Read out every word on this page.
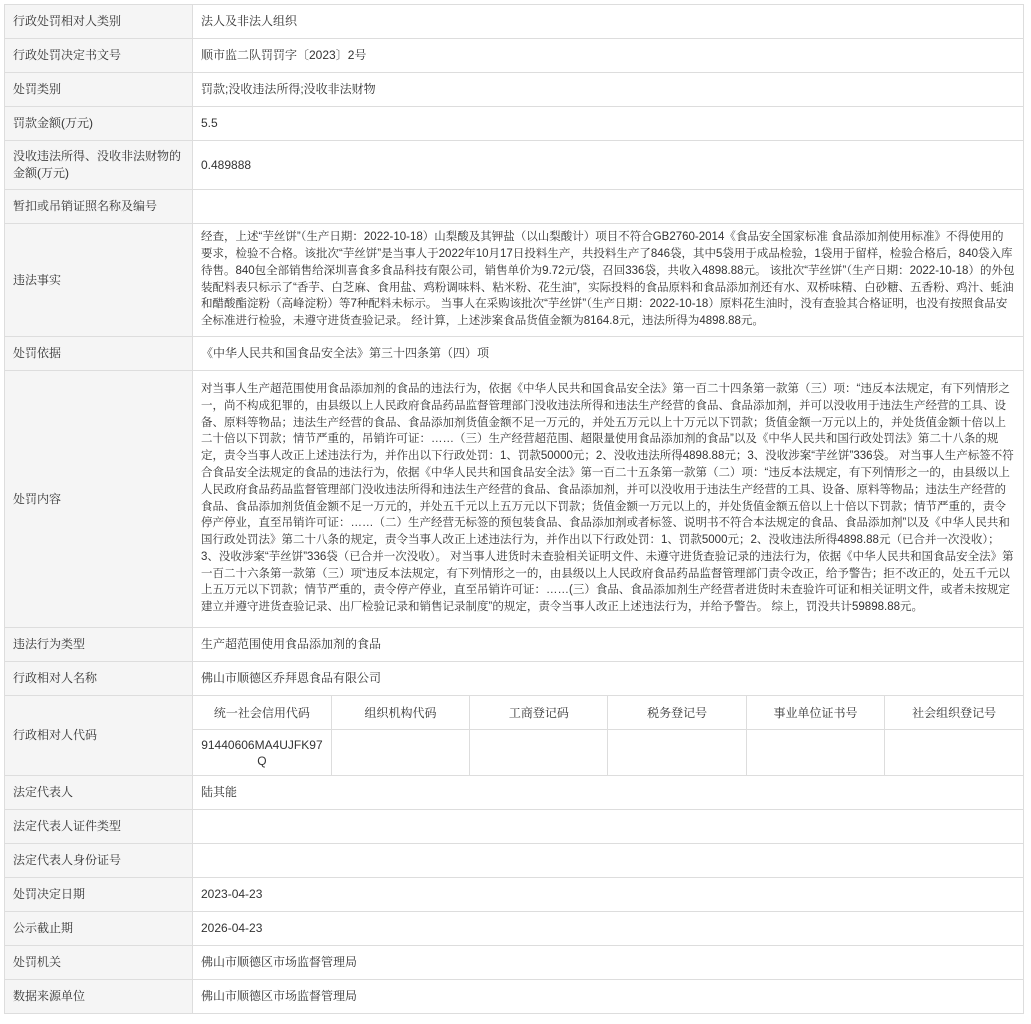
行政处罚相对人类别	法人及非法人组织
行政处罚决定书文号	顺市监二队罚罚字〔2023〕2号
处罚类别	罚款;没收违法所得;没收非法财物
罚款金额(万元)	5.5
没收违法所得、没收非法财物的金额(万元)	0.489888
暂扣或吊销证照名称及编号	
违法事实	经查，上述“芋丝饼”（生产日期：2022-10-18）山梨酸及其钾盐（以山梨酸计）项目不符合GB2760-2014《食品安全国家标准 食品添加剂使用标准》不得使用的要求，检验不合格。该批次“芋丝饼”是当事人于2022年10月17日投料生产，共投料生产了846袋，其中5袋用于成品检验，1袋用于留样，检验合格后，840袋入库待售。840包全部销售给深圳喜食多食品科技有限公司，销售单价为9.72元/袋，召回336袋，共收入4898.88元。 该批次“芋丝饼”（生产日期：2022-10-18）的外包装配料表只标示了“香芋、白芝麻、食用盐、鸡粉调味料、粘米粉、花生油”，实际投料的食品原料和食品添加剂还有水、双桥味精、白砂糖、五香粉、鸡汁、蚝油和醋酸酯淀粉（高峰淀粉）等7种配料未标示。 当事人在采购该批次“芋丝饼”（生产日期：2022-10-18）原料花生油时，没有查验其合格证明，也没有按照食品安全标准进行检验，未遵守进货查验记录。 经计算，上述涉案食品货值金额为8164.8元，违法所得为4898.88元。
处罚依据	《中华人民共和国食品安全法》第三十四条第（四）项
处罚内容	对当事人生产超范围使用食品添加剂的食品的违法行为，依据《中华人民共和国食品安全法》第一百二十四条第一款第（三）项：“违反本法规定，有下列情形之一，尚不构成犯罪的，由县级以上人民政府食品药品监督管理部门没收违法所得和违法生产经营的食品、食品添加剂，并可以没收用于违法生产经营的工具、设备、原料等物品；违法生产经营的食品、食品添加剂货值金额不足一万元的，并处五万元以上十万元以下罚款；货值金额一万元以上的，并处货值金额十倍以上二十倍以下罚款；情节严重的，吊销许可证：……（三）生产经营超范围、超限量使用食品添加剂的食品”以及《中华人民共和国行政处罚法》第二十八条的规定，责令当事人改正上述违法行为，并作出以下行政处罚：1、罚款50000元；2、没收违法所得4898.88元；3、没收涉案“芋丝饼”336袋。 对当事人生产标签不符合食品安全法规定的食品的违法行为，依据《中华人民共和国食品安全法》第一百二十五条第一款第（二）项：“违反本法规定，有下列情形之一的，由县级以上人民政府食品药品监督管理部门没收违法所得和违法生产经营的食品、食品添加剂，并可以没收用于违法生产经营的工具、设备、原料等物品；违法生产经营的食品、食品添加剂货值金额不足一万元的，并处五千元以上五万元以下罚款；货值金额一万元以上的，并处货值金额五倍以上十倍以下罚款；情节严重的，责令停产停业，直至吊销许可证：……（二）生产经营无标签的预包装食品、食品添加剂或者标签、说明书不符合本法规定的食品、食品添加剂”以及《中华人民共和国行政处罚法》第二十八条的规定，责令当事人改正上述违法行为，并作出以下行政处罚：1、罚款5000元；2、没收违法所得4898.88元（已合并一次没收）；3、没收涉案“芋丝饼”336袋（已合并一次没收）。 对当事人进货时未查验相关证明文件、未遵守进货查验记录的违法行为，依据《中华人民共和国食品安全法》第一百二十六条第一款第（三）项“违反本法规定，有下列情形之一的，由县级以上人民政府食品药品监督管理部门责令改正，给予警告；拒不改正的，处五千元以上五万元以下罚款；情节严重的，责令停产停业，直至吊销许可证：……(三）食品、食品添加剂生产经营者进货时未查验许可证和相关证明文件，或者未按规定建立并遵守进货查验记录、出厂检验记录和销售记录制度”的规定，责令当事人改正上述违法行为，并给予警告。 综上，罚没共计59898.88元。
违法行为类型	生产超范围使用食品添加剂的食品
行政相对人名称	佛山市顺德区乔拜恩食品有限公司
行政相对人代码	
统一社会信用代码	组织机构代码	工商登记码	税务登记号	事业单位证书号	社会组织登记号
91440606MA4UJFK97Q					

法定代表人	陆其能
法定代表人证件类型	
法定代表人身份证号	
处罚决定日期	2023-04-23
公示截止期	2026-04-23
处罚机关	佛山市顺德区市场监督管理局
数据来源单位	佛山市顺德区市场监督管理局
